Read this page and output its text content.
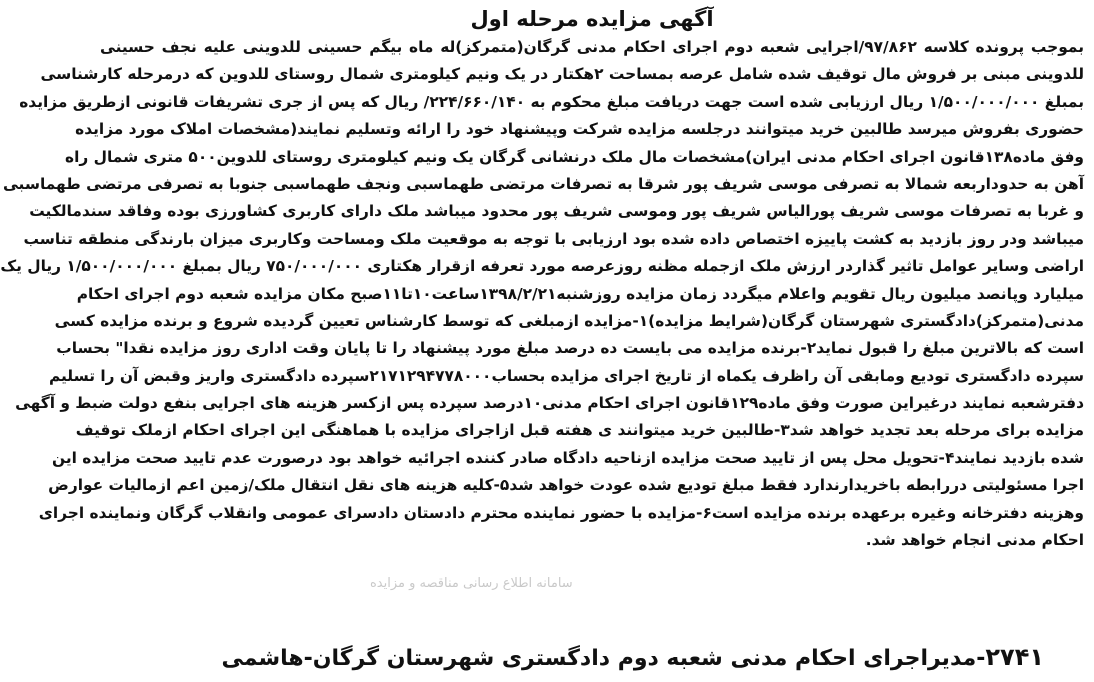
آگهی مزایده مرحله اول
بموجب پرونده کلاسه ۹۷/۸۶۲/اجرایی شعبه دوم اجرای احکام مدنی گرگان(متمرکز)له ماه بیگم حسینی للدوینی علیه نجف حسینی
للدوینی مبنی بر فروش مال توقیف شده شامل عرصه بمساحت ۲هکتار در یک ونیم کیلومتری شمال روستای للدوین که درمرحله کارشناسی
بمبلغ ۱/۵۰۰/۰۰۰/۰۰۰ ریال ارزیابی شده است جهت دریافت مبلغ محکوم به ۲۲۴/۶۶۰/۱۴۰/ ریال که پس از جری تشریفات قانونی ازطریق مزایده
حضوری بفروش میرسد طالبین خرید میتوانند درجلسه مزایده شرکت وپیشنهاد خود را ارائه وتسلیم نمایند(مشخصات املاک مورد مزایده
وفق ماده۱۳۸قانون اجرای احکام مدنی ایران)مشخصات مال ملک درنشانی گرگان یک ونیم کیلومتری روستای للدوین۵۰۰ متری شمال راه
آهن به حدوداربعه شمالا به تصرفی موسی شریف پور شرقا به تصرفات مرتضی طهماسبی ونجف طهماسبی جنوبا به تصرفی مرتضی طهماسبی
و غربا به تصرفات موسی شریف پورالیاس شریف پور وموسی شریف پور محدود میباشد ملک دارای کاربری کشاورزی بوده وفاقد سندمالکیت
میباشد ودر روز بازدید به کشت پاییزه اختصاص داده شده بود ارزیابی با توجه به موقعیت ملک ومساحت وکاربری میزان بارندگی منطقه تناسب
اراضی وسایر عوامل تاثیر گذاردر ارزش ملک ازجمله مظنه روزعرصه مورد تعرفه ازقرار هکتاری ۷۵۰/۰۰۰/۰۰۰ ریال بمبلغ ۱/۵۰۰/۰۰۰/۰۰۰ ریال یک
میلیارد وپانصد میلیون ریال تقویم واعلام میگردد زمان مزایده روزشنبه۱۳۹۸/۲/۲۱ساعت۱۰تا۱۱صبح مکان مزایده شعبه دوم اجرای احکام
مدنی(متمرکز)دادگستری شهرستان گرگان(شرایط مزایده)۱-مزایده ازمبلغی که توسط کارشناس تعیین گردیده شروع و برنده مزایده کسی
است که بالاترین مبلغ را قبول نماید۲-برنده مزایده می بایست ده درصد مبلغ مورد پیشنهاد را تا پایان وقت اداری روز مزایده نقدا" بحساب
سپرده دادگستری تودیع ومابقی آن راظرف یکماه از تاریخ اجرای مزایده بحساب۲۱۷۱۲۹۴۷۷۸۰۰۰سپرده دادگستری واریز وقبض آن را تسلیم
دفترشعبه نمایند درغیراین صورت وفق ماده۱۲۹قانون اجرای احکام مدنی۱۰درصد سپرده پس ازکسر هزینه های اجرایی بنفع دولت ضبط و آگهی
مزایده برای مرحله بعد تجدید خواهد شد۳-طالبین خرید میتوانند ی هفته قبل ازاجرای مزایده با هماهنگی این اجرای احکام ازملک توقیف
شده بازدید نمایند۴-تحویل محل پس از تایید صحت مزایده ازناحیه دادگاه صادر کننده اجرائیه خواهد بود درصورت عدم تایید صحت مزایده این
اجرا مسئولیتی دررابطه باخریدارندارد فقط مبلغ تودیع شده عودت خواهد شد۵-کلیه هزینه های نقل انتقال ملک/زمین اعم ازمالیات عوارض
وهزینه دفترخانه وغیره برعهده برنده مزایده است۶-مزایده با حضور نماینده محترم دادستان دادسرای عمومی وانقلاب گرگان ونماینده اجرای
احکام مدنی انجام خواهد شد.
سامانه اطلاع رسانی مناقصه و مزایده
۲۷۴۱-مدیراجرای احکام مدنی شعبه دوم دادگستری شهرستان گرگان-هاشمی
